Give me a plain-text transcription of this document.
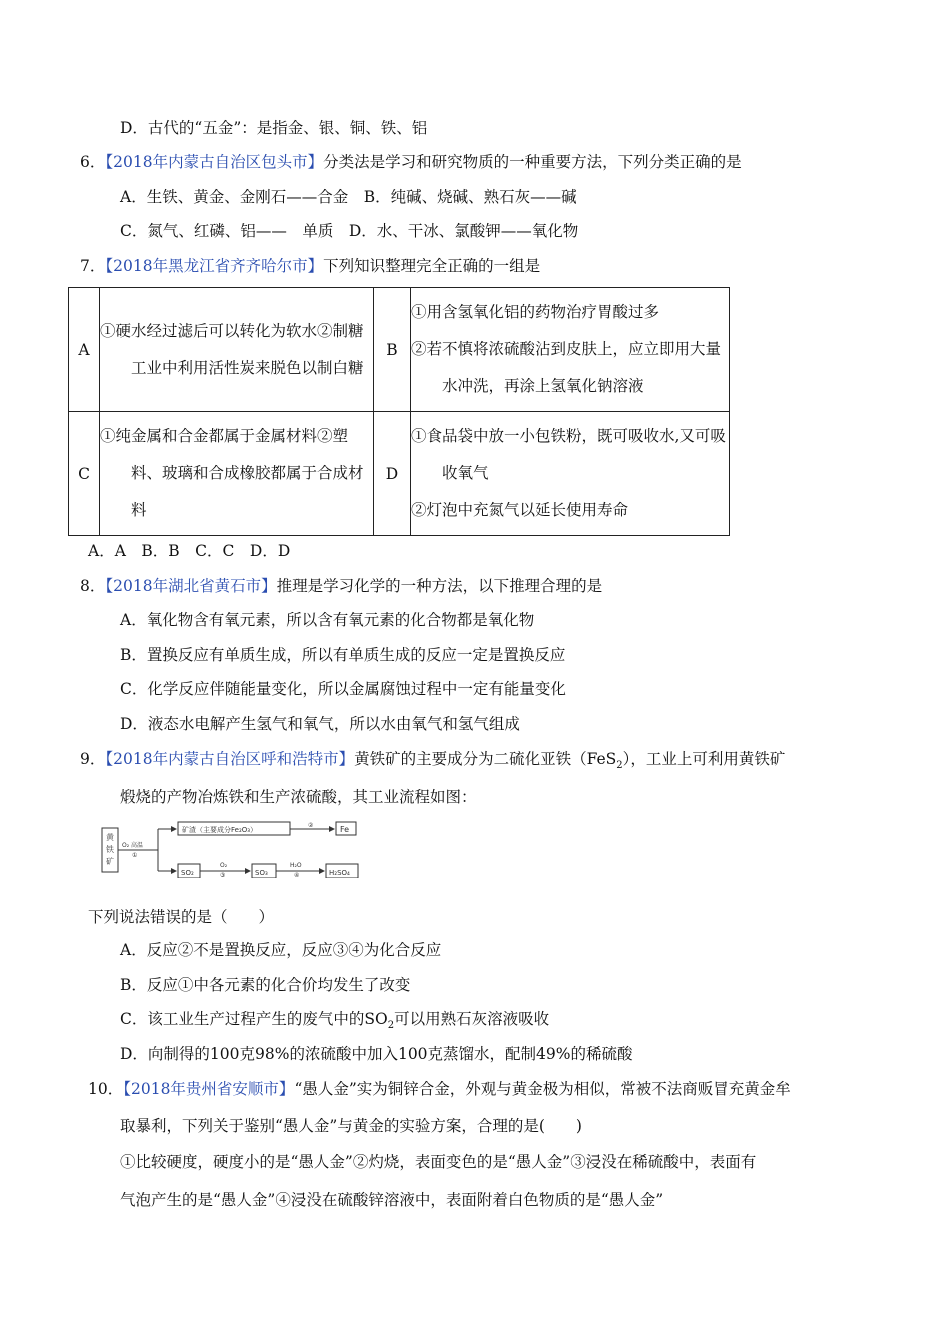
D．古代的“五金”：是指金、银、铜、铁、铝
6．【2018年内蒙古自治区包头市】分类法是学习和研究物质的一种重要方法，下列分类正确的是
A．生铁、黄金、金刚石——合金　B．纯碱、烧碱、熟石灰——碱
C．氮气、红磷、铝——　单质　D．水、干冰、氯酸钾——氧化物
7．【2018年黑龙江省齐齐哈尔市】下列知识整理完全正确的一组是
A	①硬水经过滤后可以转化为软水②制糖工业中利用活性炭来脱色以制白糖	B	①用含氢氧化铝的药物治疗胃酸过多
②若不慎将浓硫酸沾到皮肤上，应立即用大量水冲洗，再涂上氢氧化钠溶液

C	①纯金属和合金都属于金属材料②塑料、玻璃和合成橡胶都属于合成材料	D	①食品袋中放一小包铁粉，既可吸收水,又可吸收氧气
②灯泡中充氮气以延长使用寿命
A．A　B．B　C．C　D．D
8．【2018年湖北省黄石市】推理是学习化学的一种方法，以下推理合理的是
A．氧化物含有氧元素，所以含有氧元素的化合物都是氧化物
B．置换反应有单质生成，所以有单质生成的反应一定是置换反应
C．化学反应伴随能量变化，所以金属腐蚀过程中一定有能量变化
D．液态水电解产生氢气和氧气，所以水由氧气和氢气组成
9．【2018年内蒙古自治区呼和浩特市】黄铁矿的主要成分为二硫化亚铁（FeS$_2$），工业上可利用黄铁矿
煅烧的产物冶炼铁和生产浓硫酸，其工业流程如图：
黄
铁
矿
O₂ 高温
①
矿渣（主要成分Fe₂O₃）
②	Fe
SO₂
O₂
③	SO₃
H₂O
④	H₂SO₄
下列说法错误的是（　　）
A．反应②不是置换反应，反应③④为化合反应
B．反应①中各元素的化合价均发生了改变
C．该工业生产过程产生的废气中的$SO_2$可以用熟石灰溶液吸收
D．向制得的100克98%的浓硫酸中加入100克蒸馏水，配制49%的稀硫酸
10．【2018年贵州省安顺市】“愚人金”实为铜锌合金，外观与黄金极为相似，常被不法商贩冒充黄金牟
取暴利，下列关于鉴别“愚人金”与黄金的实验方案，合理的是(　　)
①比较硬度，硬度小的是“愚人金”②灼烧，表面变色的是“愚人金”③浸没在稀硫酸中，表面有
气泡产生的是“愚人金”④浸没在硫酸锌溶液中，表面附着白色物质的是“愚人金”
